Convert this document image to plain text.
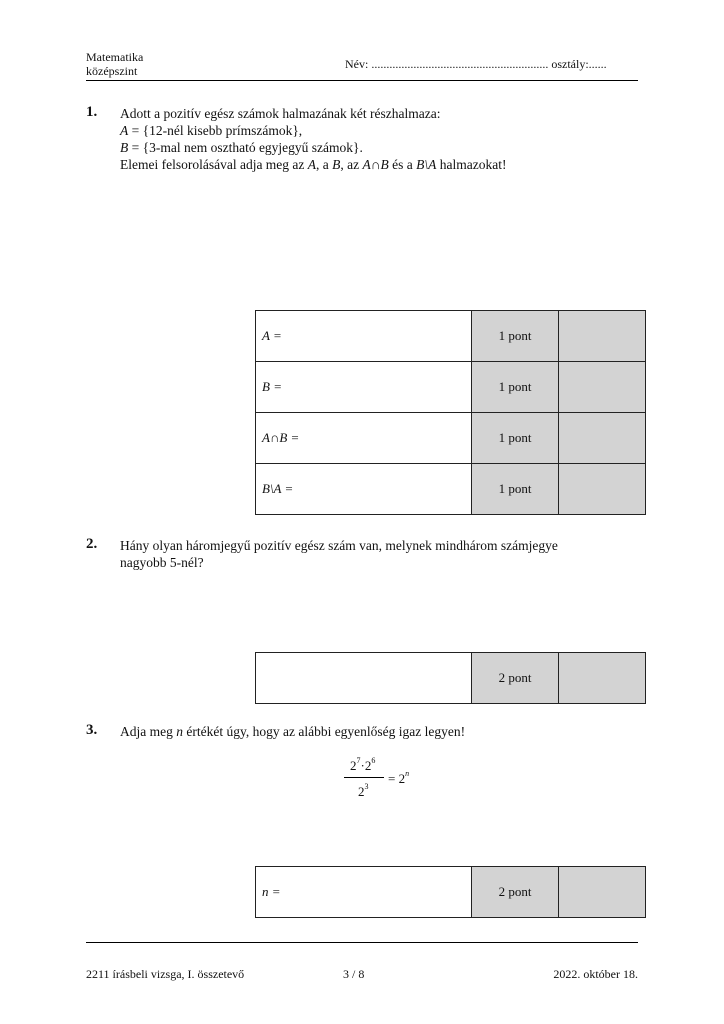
Matematika
középszint	Név: ........................................................... osztály:......
1. Adott a pozitív egész számok halmazának két részhalmaza:
A = {12-nél kisebb prímszámok},
B = {3-mal nem osztható egyjegyű számok}.
Elemei felsorolásával adja meg az A, a B, az A∩B és a B\A halmazokat!
A =	1 pont	
B =	1 pont	
A∩B =	1 pont	
B\A =	1 pont	
2. Hány olyan háromjegyű pozitív egész szám van, melynek mindhárom számjegye
nagyobb 5-nél?
	2 pont	
3. Adja meg n értékét úgy, hogy az alábbi egyenlőség igaz legyen!
$2^7\cdot 2^6$
$2^3$
= $2^n$
n =	2 pont	
2211 írásbeli vizsga, I. összetevő	3 / 8	2022. október 18.
